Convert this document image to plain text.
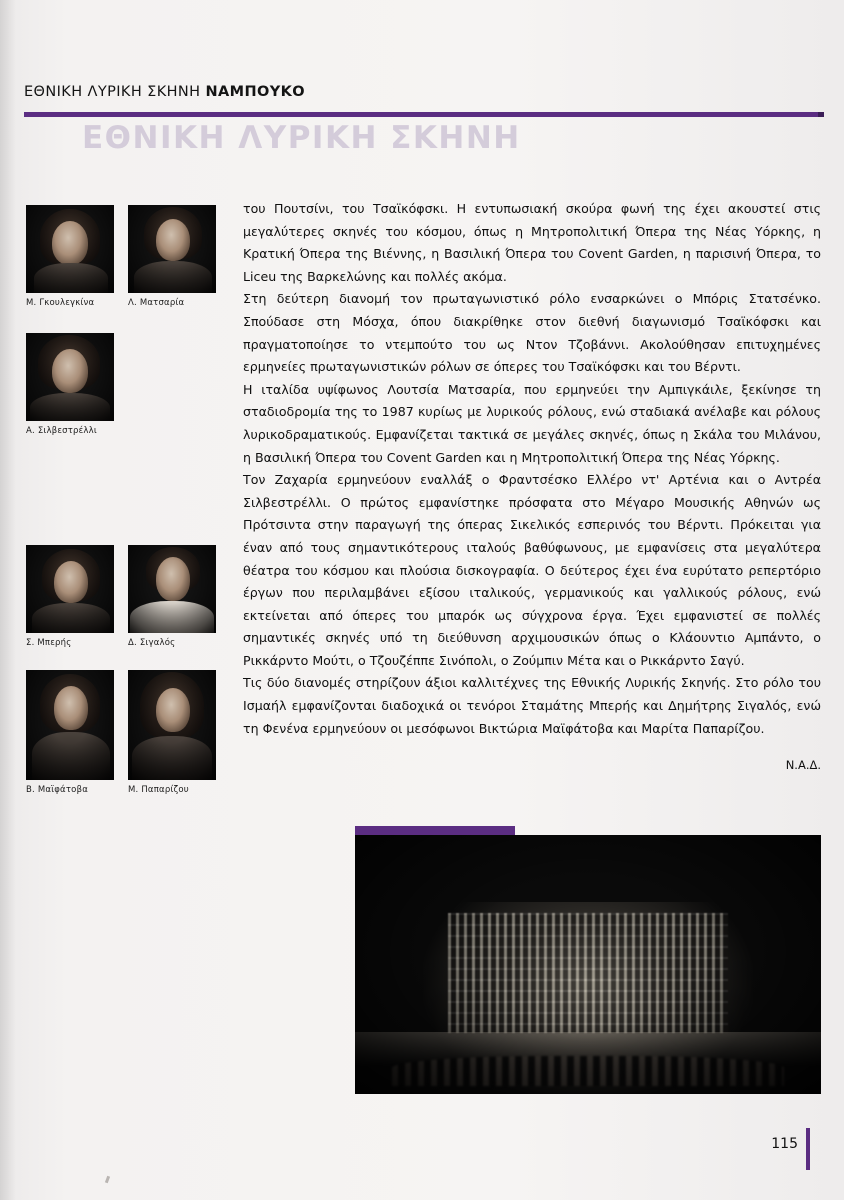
ΕΘΝΙΚΗ ΛΥΡΙΚΗ ΣΚΗΝΗ ΝΑΜΠΟΥΚΟ
ΕΘΝΙΚΗ ΛΥΡΙΚΗ ΣΚΗΝΗ
Μ. Γκουλεγκίνα	Λ. Ματσαρία
Α. Σιλβεστρέλλι
Σ. Μπερής	Δ. Σιγαλός
Β. Μαϊφάτοβα	Μ. Παπαρίζου

του Πουτσίνι, του Τσαϊκόφσκι. Η εντυπωσιακή σκούρα φωνή της έχει ακουστεί στις μεγαλύτερες σκηνές του κόσμου, όπως η Μητροπολιτική Όπερα της Νέας Υόρκης, η Κρατική Όπερα της Βιέννης, η Βασιλική Όπερα του Covent Garden, η παρισινή Όπερα, το Liceu της Βαρκελώνης και πολλές ακόμα.

Στη δεύτερη διανομή τον πρωταγωνιστικό ρόλο ενσαρκώνει ο Μπόρις Στατσένκο. Σπούδασε στη Μόσχα, όπου διακρίθηκε στον διεθνή διαγωνισμό Τσαϊκόφσκι και πραγματοποίησε το ντεμπούτο του ως Ντον Τζοβάννι. Ακολούθησαν επιτυχημένες ερμηνείες πρωταγωνιστικών ρόλων σε όπερες του Τσαϊκόφσκι και του Βέρντι.

Η ιταλίδα υψίφωνος Λουτσία Ματσαρία, που ερμηνεύει την Αμπιγκάιλε, ξεκίνησε τη σταδιοδρομία της το 1987 κυρίως με λυρικούς ρόλους, ενώ σταδιακά ανέλαβε και ρόλους λυρικοδραματικούς. Εμφανίζεται τακτικά σε μεγάλες σκηνές, όπως η Σκάλα του Μιλάνου, η Βασιλική Όπερα του Covent Garden και η Μητροπολιτική Όπερα της Νέας Υόρκης.

Τον Ζαχαρία ερμηνεύουν εναλλάξ ο Φραντσέσκο Ελλέρο ντ' Αρτένια και ο Αντρέα Σιλβεστρέλλι. Ο πρώτος εμφανίστηκε πρόσφατα στο Μέγαρο Μουσικής Αθηνών ως Πρότσιντα στην παραγωγή της όπερας Σικελικός εσπερινός του Βέρντι. Πρόκειται για έναν από τους σημαντικότερους ιταλούς βαθύφωνους, με εμφανίσεις στα μεγαλύτερα θέατρα του κόσμου και πλούσια δισκογραφία. Ο δεύτερος έχει ένα ευρύτατο ρεπερτόριο έργων που περιλαμβάνει εξίσου ιταλικούς, γερμανικούς και γαλλικούς ρόλους, ενώ εκτείνεται από όπερες του μπαρόκ ως σύγχρονα έργα. Έχει εμφανιστεί σε πολλές σημαντικές σκηνές υπό τη διεύθυνση αρχιμουσικών όπως ο Κλάουντιο Αμπάντο, ο Ρικκάρντο Μούτι, ο Τζουζέππε Σινόπολι, ο Ζούμπιν Μέτα και ο Ρικκάρντο Σαγύ.

Τις δύο διανομές στηρίζουν άξιοι καλλιτέχνες της Εθνικής Λυρικής Σκηνής. Στο ρόλο του Ισμαήλ εμφανίζονται διαδοχικά οι τενόροι Σταμάτης Μπερής και Δημήτρης Σιγαλός, ενώ τη Φενένα ερμηνεύουν οι μεσόφωνοι Βικτώρια Μαϊφάτοβα και Μαρίτα Παπαρίζου.

Ν.Α.Δ.
115
